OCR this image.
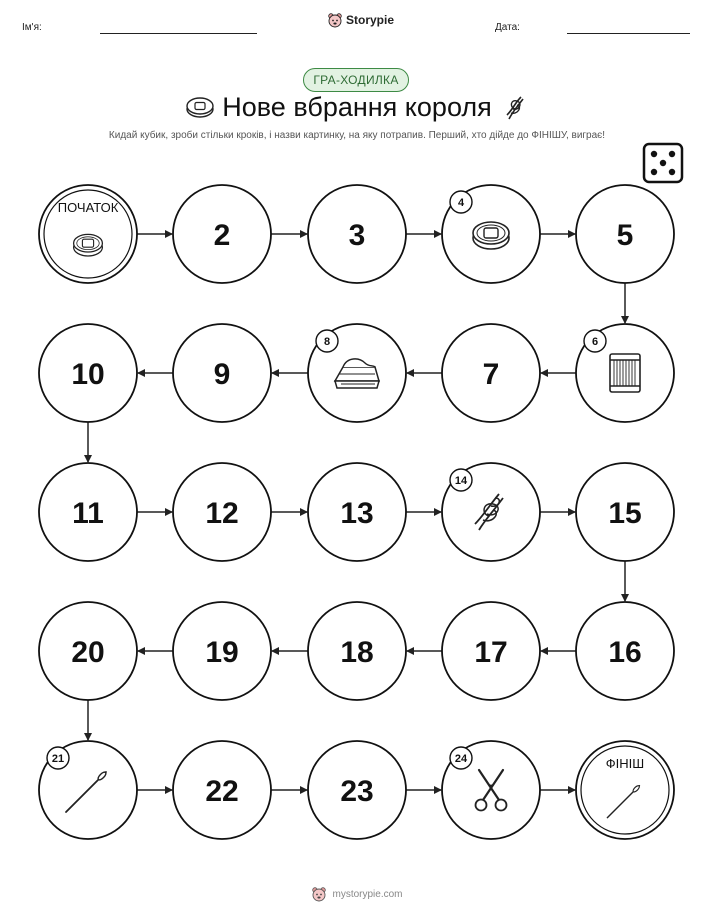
Ім'я:
Storypie
Дата:
ГРА-ХОДИЛКА
Нове вбрання короля
Кидай кубик, зроби стільки кроків, і назви картинку, на яку потрапив. Перший, хто дійде до ФІНІШУ, виграє!
ПОЧАТОК
2	3
4
5
6
7
8
9
10
11	12	13
14
15
16
17
18
19
20
21
22	23
24	ФІНІШ
mystorypie.com
